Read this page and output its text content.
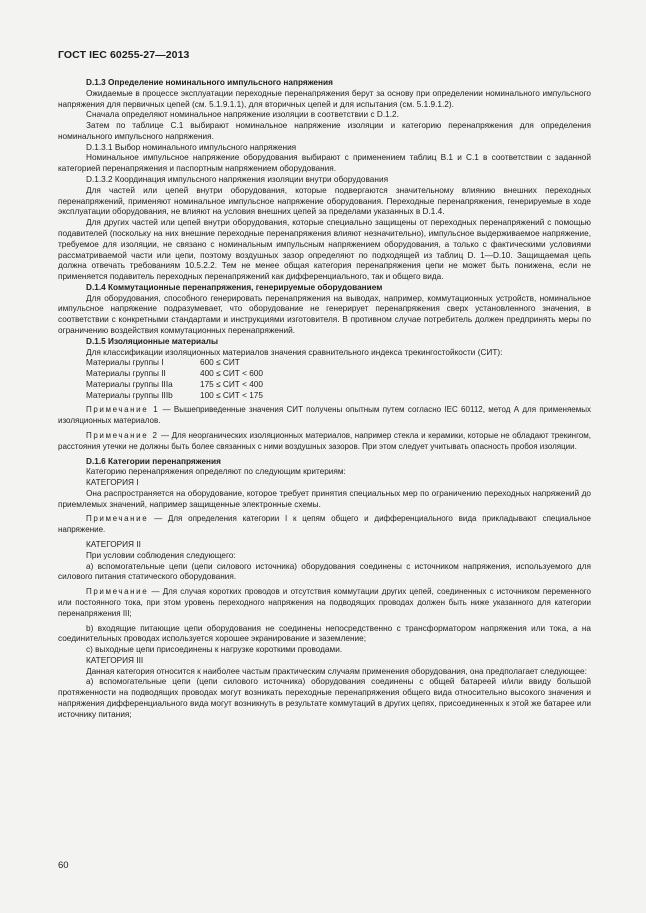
ГОСТ IEC 60255-27—2013

D.1.3 Определение номинального импульсного напряжения

Ожидаемые в процессе эксплуатации переходные перенапряжения берут за основу при определении номинального импульсного напряжения для первичных цепей (см. 5.1.9.1.1), для вторичных цепей и для испытания (см. 5.1.9.1.2).

Сначала определяют номинальное напряжение изоляции в соответствии с D.1.2.

Затем по таблице С.1 выбирают номинальное напряжение изоляции и категорию перенапряжения для определения номинального импульсного напряжения.

D.1.3.1 Выбор номинального импульсного напряжения

Номинальное импульсное напряжение оборудования выбирают с применением таблиц В.1 и С.1 в соответствии с заданной категорией перенапряжения и паспортным напряжением оборудования.

D.1.3.2 Координация импульсного напряжения изоляции внутри оборудования

Для частей или цепей внутри оборудования, которые подвергаются значительному влиянию внешних переходных перенапряжений, применяют номинальное импульсное напряжение оборудования. Переходные перенапряжения, генерируемые в ходе эксплуатации оборудования, не влияют на условия внешних цепей за пределами указанных в D.1.4.

Для других частей или цепей внутри оборудования, которые специально защищены от переходных перенапряжений с помощью подавителей (поскольку на них внешние переходные перенапряжения влияют незначительно), импульсное выдерживаемое напряжение, требуемое для изоляции, не связано с номинальным импульсным напряжением оборудования, а только с фактическими условиями рассматриваемой части или цепи, поэтому воздушных зазор определяют по подходящей из таблиц D. 1—D.10. Защищаемая цепь должна отвечать требованиям 10.5.2.2. Тем не менее общая категория перенапряжения цепи не может быть понижена, если не применяется подавитель переходных перенапряжений как дифференциального, так и общего вида.

D.1.4 Коммутационные перенапряжения, генерируемые оборудованием

Для оборудования, способного генерировать перенапряжения на выводах, например, коммутационных устройств, номинальное импульсное напряжение подразумевает, что оборудование не генерирует перенапряжения сверх установленного значения, в соответствии с конкретными стандартами и инструкциями изготовителя. В противном случае потребитель должен предпринять меры по ограничению воздействия коммутационных перенапряжений.

D.1.5 Изоляционные материалы

Для классификации изоляционных материалов значения сравнительного индекса трекингостойкости (СИТ):

Материалы группы I	600 ≤ СИТ
Материалы группы II	400 ≤ СИТ < 600
Материалы группы IIIa	175 ≤ СИТ < 400
Материалы группы IIIb	100 ≤ СИТ < 175

Примечание 1 — Вышеприведенные значения СИТ получены опытным путем согласно IEC 60112, метод А для применяемых изоляционных материалов.

Примечание 2 — Для неорганических изоляционных материалов, например стекла и керамики, которые не обладают трекингом, расстояния утечки не должны быть более связанных с ними воздушных зазоров. При этом следует учитывать опасность пробоя изоляции.

D.1.6 Категории перенапряжения

Категорию перенапряжения определяют по следующим критериям:

КАТЕГОРИЯ I

Она распространяется на оборудование, которое требует принятия специальных мер по ограничению переходных напряжений до приемлемых значений, например защищенные электронные схемы.

Примечание — Для определения категории I к цепям общего и дифференциального вида прикладывают специальное напряжение.

КАТЕГОРИЯ II

При условии соблюдения следующего:

a) вспомогательные цепи (цепи силового источника) оборудования соединены с источником напряжения, используемого для силового питания статического оборудования.

Примечание — Для случая коротких проводов и отсутствия коммутации других цепей, соединенных с источником переменного или постоянного тока, при этом уровень переходного напряжения на подводящих проводах должен быть ниже указанного для категории перенапряжения III;

b) входящие питающие цепи оборудования не соединены непосредственно с трансформатором напряжения или тока, а на соединительных проводах используется хорошее экранирование и заземление;

c) выходные цепи присоединены к нагрузке короткими проводами.

КАТЕГОРИЯ III

Данная категория относится к наиболее частым практическим случаям применения оборудования, она предполагает следующее:

a) вспомогательные цепи (цепи силового источника) оборудования соединены с общей батареей и/или ввиду большой протяженности на подводящих проводах могут возникать переходные перенапряжения общего вида относительно высокого значения и напряжения дифференциального вида могут возникнуть в результате коммутаций в других цепях, присоединенных к этой же батарее или источнику питания;

60
